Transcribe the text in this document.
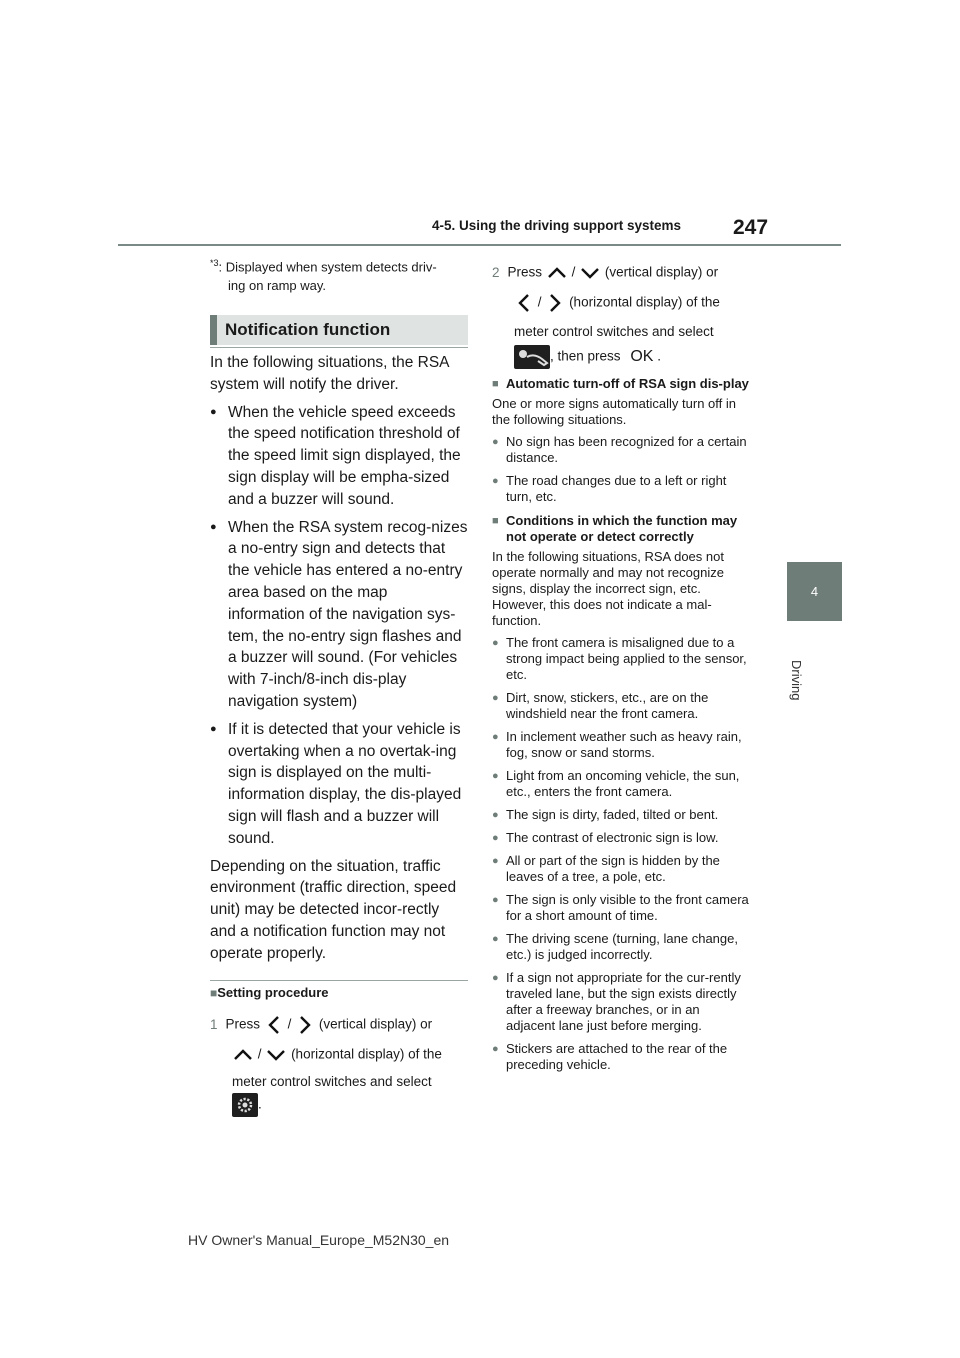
4-5. Using the driving support systems 247
4
Driving
$^{*3}$: Displayed when system detects driv-
ing on ramp way.
Notification function

In the following situations, the RSA system will notify the driver.

● When the vehicle speed exceeds the speed notification threshold of the speed limit sign displayed, the sign display will be empha-sized and a buzzer will sound.
● When the RSA system recog-nizes a no-entry sign and detects that the vehicle has entered a no-entry area based on the map information of the navigation sys-tem, the no-entry sign flashes and a buzzer will sound. (For vehicles with 7-inch/8-inch dis-play navigation system)
● If it is detected that your vehicle is overtaking when a no overtak-ing sign is displayed on the multi-information display, the dis-played sign will flash and a buzzer will sound.

Depending on the situation, traffic environment (traffic direction, speed unit) may be detected incor-rectly and a notification function may not operate properly.

■Setting procedure
1 Press / (vertical display) or
/ (horizontal display) of the
meter control switches and select
.
2 Press / (vertical display) or
/ (horizontal display) of the
meter control switches and select
, then press OK .
■ Automatic turn-off of RSA sign dis-play

One or more signs automatically turn off in the following situations.

● No sign has been recognized for a certain distance.
● The road changes due to a left or right turn, etc.
■ Conditions in which the function may not operate or detect correctly

In the following situations, RSA does not operate normally and may not recognize signs, display the incorrect sign, etc. However, this does not indicate a mal-function.

● The front camera is misaligned due to a strong impact being applied to the sensor, etc.
● Dirt, snow, stickers, etc., are on the windshield near the front camera.
● In inclement weather such as heavy rain, fog, snow or sand storms.
● Light from an oncoming vehicle, the sun, etc., enters the front camera.
● The sign is dirty, faded, tilted or bent.
● The contrast of electronic sign is low.
● All or part of the sign is hidden by the leaves of a tree, a pole, etc.
● The sign is only visible to the front camera for a short amount of time.
● The driving scene (turning, lane change, etc.) is judged incorrectly.
● If a sign not appropriate for the cur-rently traveled lane, but the sign exists directly after a freeway branches, or in an adjacent lane just before merging.
● Stickers are attached to the rear of the preceding vehicle.
HV Owner's Manual_Europe_M52N30_en
